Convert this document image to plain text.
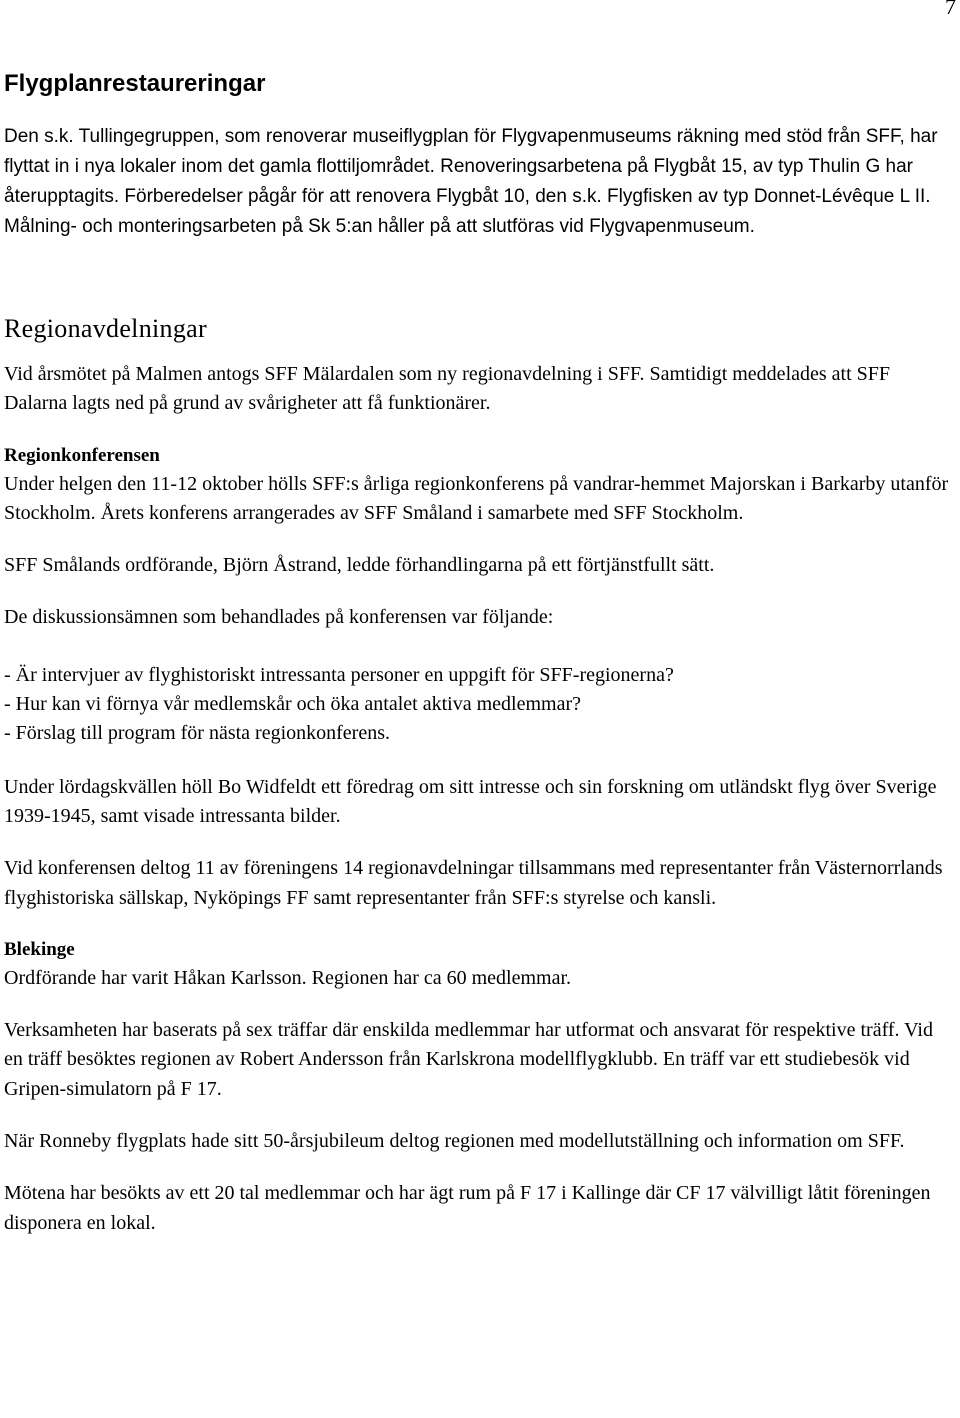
7
Flygplanrestaureringar
Den s.k. Tullingegruppen, som renoverar museiflygplan för Flygvapenmuseums räkning med stöd från SFF, har flyttat in i nya lokaler inom det gamla flottiljområdet. Renoveringsarbetena på Flygbåt 15, av typ Thulin G har återupptagits. Förberedelser pågår för att renovera Flygbåt 10, den s.k. Flygfisken av typ Donnet-Lévêque L II. Målning- och monteringsarbeten på Sk 5:an håller på att slutföras vid Flygvapenmuseum.
Regionavdelningar

Vid årsmötet på Malmen antogs SFF Mälardalen som ny regionavdelning i SFF. Samtidigt meddelades att SFF Dalarna lagts ned på grund av svårigheter att få funktionärer.

Regionkonferensen

Under helgen den 11-12 oktober hölls SFF:s årliga regionkonferens på vandrar-hemmet Majorskan i Barkarby utanför Stockholm. Årets konferens arrangerades av SFF Småland i samarbete med SFF Stockholm.

SFF Smålands ordförande, Björn Åstrand, ledde förhandlingarna på ett förtjänstfullt sätt.

De diskussionsämnen som behandlades på konferensen var följande:

- Är intervjuer av flyghistoriskt intressanta personer en uppgift för SFF-regionerna?
- Hur kan vi förnya vår medlemskår och öka antalet aktiva medlemmar?
- Förslag till program för nästa regionkonferens.

Under lördagskvällen höll Bo Widfeldt ett föredrag om sitt intresse och sin forskning om utländskt flyg över Sverige 1939-1945, samt visade intressanta bilder.

Vid konferensen deltog 11 av föreningens 14 regionavdelningar tillsammans med representanter från Västernorrlands flyghistoriska sällskap, Nyköpings FF samt representanter från SFF:s styrelse och kansli.

Blekinge

Ordförande har varit Håkan Karlsson. Regionen har ca 60 medlemmar.

Verksamheten har baserats på sex träffar där enskilda medlemmar har utformat och ansvarat för respektive träff. Vid en träff besöktes regionen av Robert Andersson från Karlskrona modellflygklubb. En träff var ett studiebesök vid Gripen-simulatorn på F 17.

När Ronneby flygplats hade sitt 50-årsjubileum deltog regionen med modellutställning och information om SFF.

Mötena har besökts av ett 20 tal medlemmar och har ägt rum på F 17 i Kallinge där CF 17 välvilligt låtit föreningen disponera en lokal.
